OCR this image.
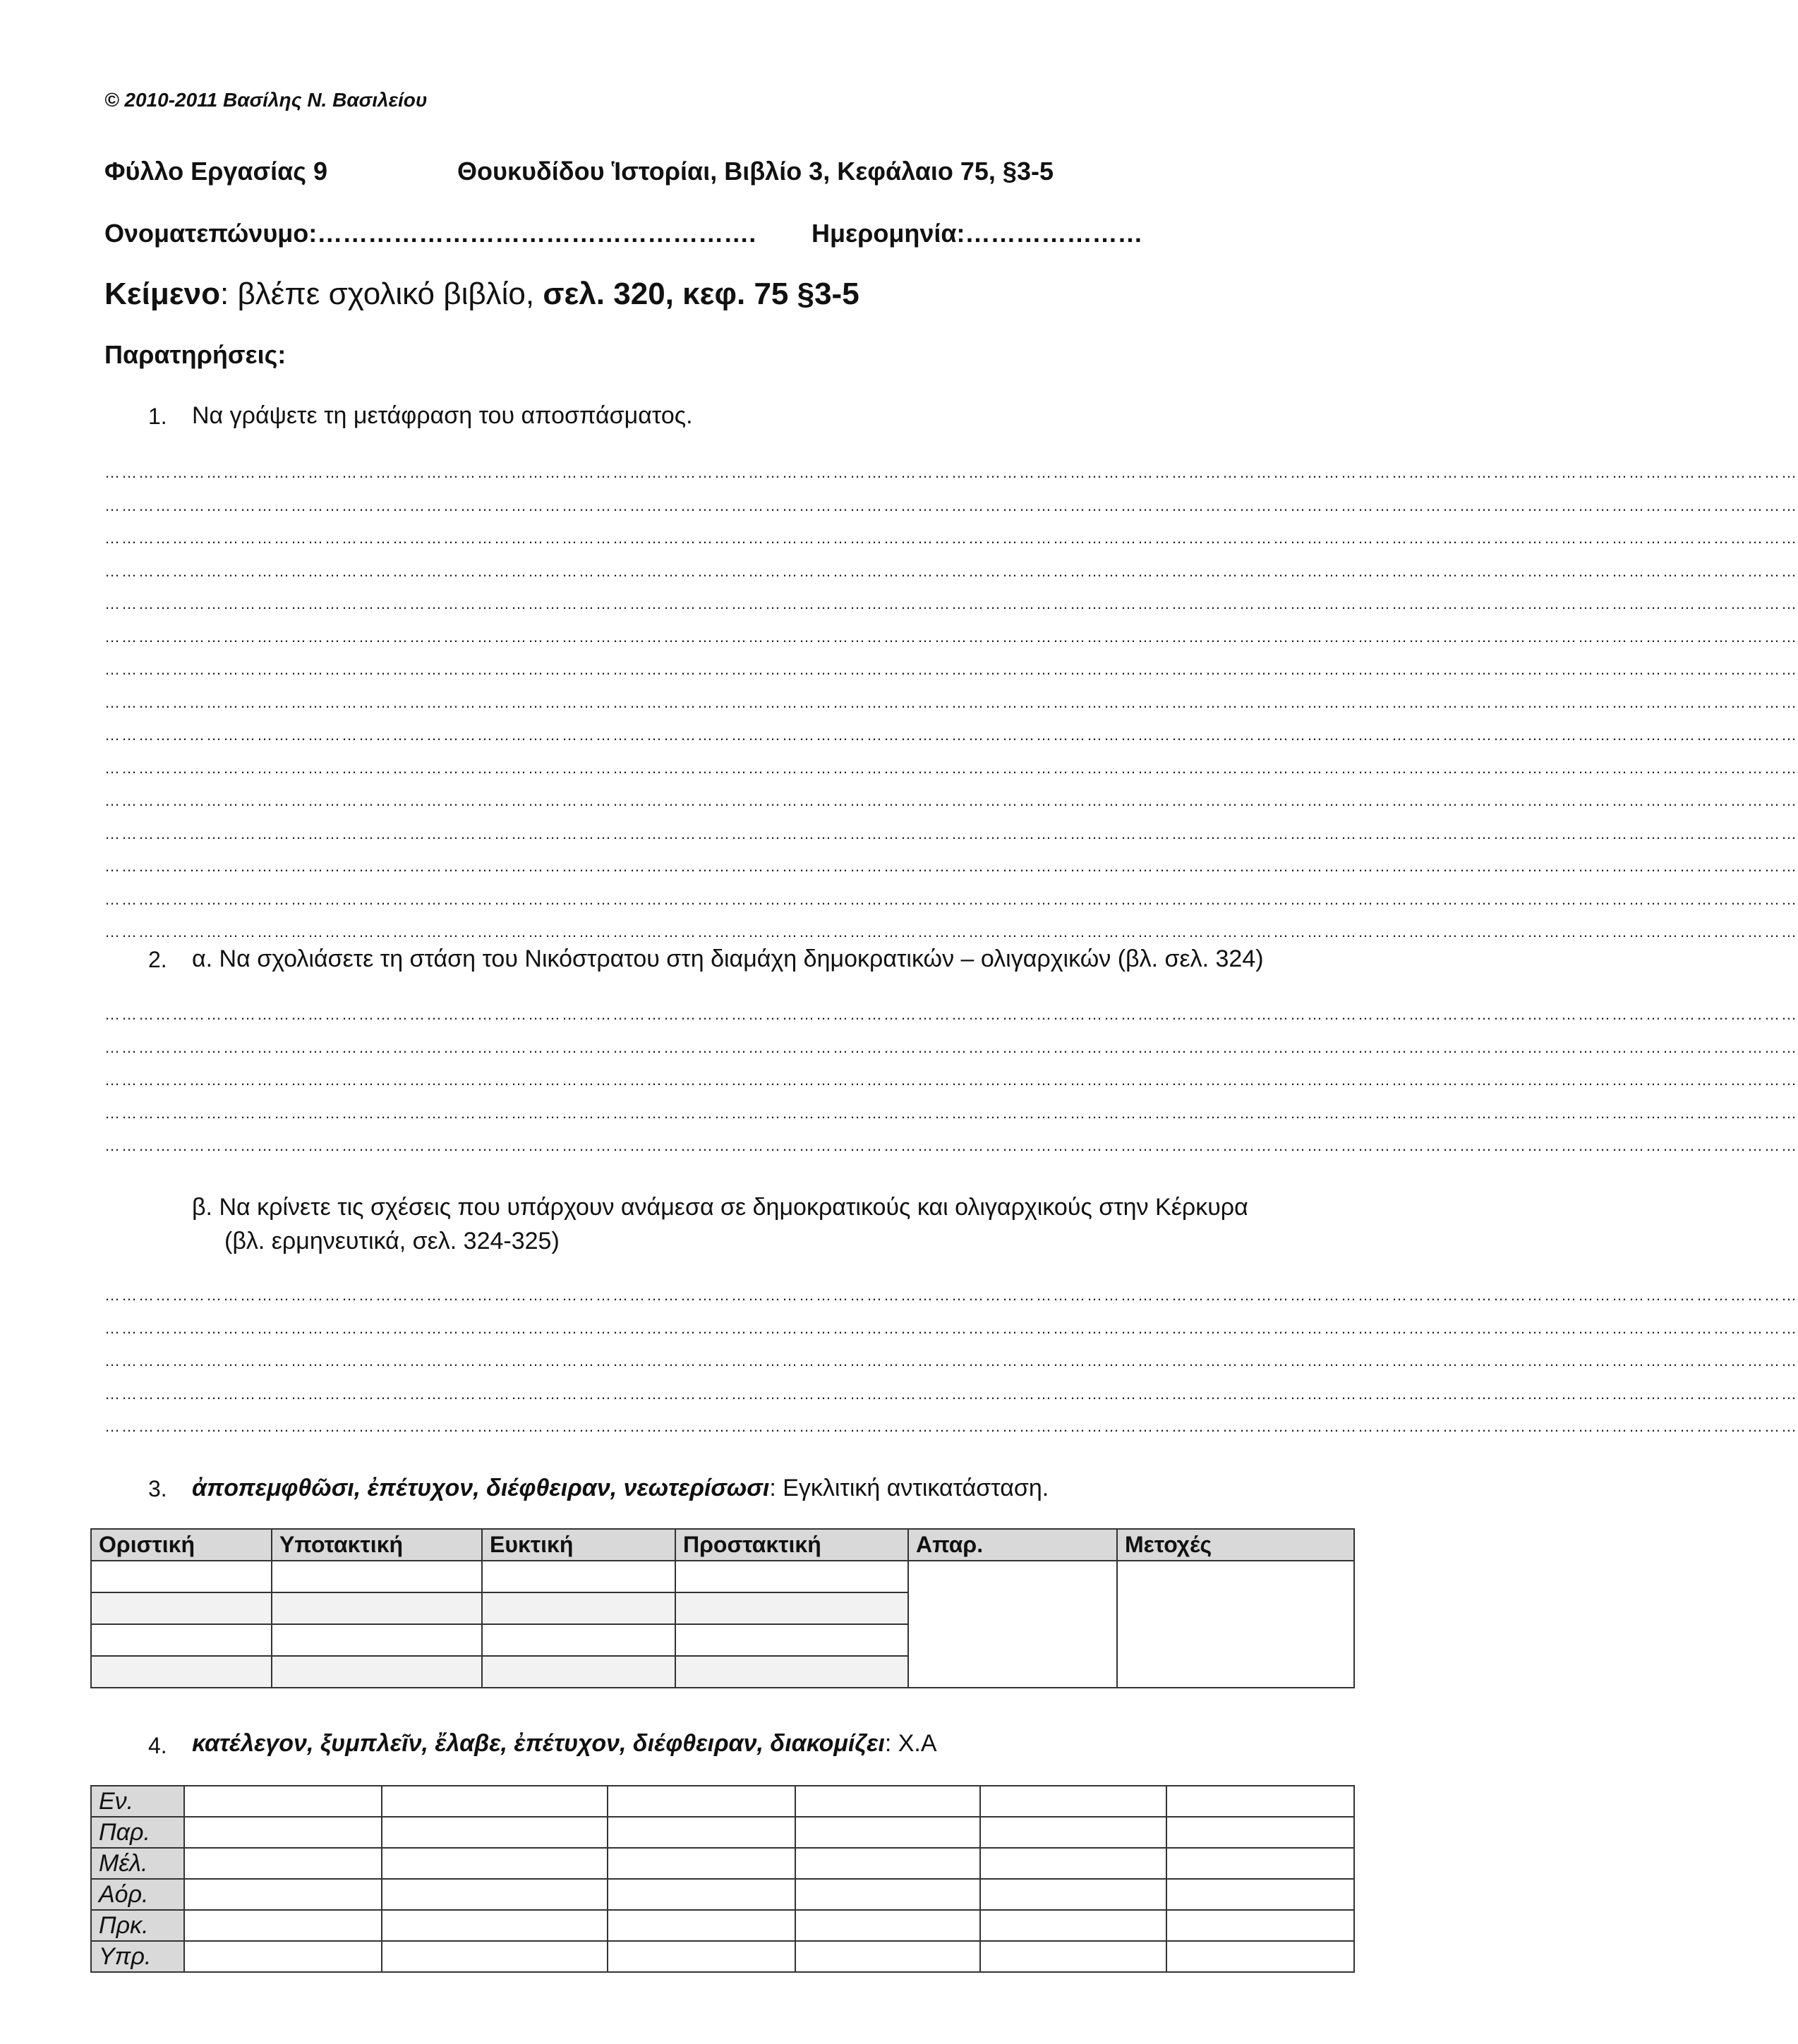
© 2010-2011 Βασίλης Ν. Βασιλείου
Φύλλο Εργασίας 9	Θουκυδίδου Ἱστορίαι, Βιβλίο 3, Κεφάλαιο 75, §3-5
Ονοματεπώνυμο:……………………………………………. Ημερομηνία:…………………
Κείμενο: βλέπε σχολικό βιβλίο, σελ. 320, κεφ. 75 §3-5
Παρατηρήσεις:
1. Να γράψετε τη μετάφραση του αποσπάσματος.
…………………………………………………………………………………………………………………………………………………………………………………………………………………………………………………………………………
…………………………………………………………………………………………………………………………………………………………………………………………………………………………………………………………………………
…………………………………………………………………………………………………………………………………………………………………………………………………………………………………………………………………………
…………………………………………………………………………………………………………………………………………………………………………………………………………………………………………………………………………
…………………………………………………………………………………………………………………………………………………………………………………………………………………………………………………………………………
…………………………………………………………………………………………………………………………………………………………………………………………………………………………………………………………………………
…………………………………………………………………………………………………………………………………………………………………………………………………………………………………………………………………………
…………………………………………………………………………………………………………………………………………………………………………………………………………………………………………………………………………
…………………………………………………………………………………………………………………………………………………………………………………………………………………………………………………………………………
…………………………………………………………………………………………………………………………………………………………………………………………………………………………………………………………………………
…………………………………………………………………………………………………………………………………………………………………………………………………………………………………………………………………………
…………………………………………………………………………………………………………………………………………………………………………………………………………………………………………………………………………
…………………………………………………………………………………………………………………………………………………………………………………………………………………………………………………………………………
…………………………………………………………………………………………………………………………………………………………………………………………………………………………………………………………………………
…………………………………………………………………………………………………………………………………………………………………………………………………………………………………………………………………………
2. α. Να σχολιάσετε τη στάση του Νικόστρατου στη διαμάχη δημοκρατικών – ολιγαρχικών (βλ. σελ. 324)
…………………………………………………………………………………………………………………………………………………………………………………………………………………………………………………………………………
…………………………………………………………………………………………………………………………………………………………………………………………………………………………………………………………………………
…………………………………………………………………………………………………………………………………………………………………………………………………………………………………………………………………………
…………………………………………………………………………………………………………………………………………………………………………………………………………………………………………………………………………
…………………………………………………………………………………………………………………………………………………………………………………………………………………………………………………………………………
β. Να κρίνετε τις σχέσεις που υπάρχουν ανάμεσα σε δημοκρατικούς και ολιγαρχικούς στην Κέρκυρα
(βλ. ερμηνευτικά, σελ. 324-325)
…………………………………………………………………………………………………………………………………………………………………………………………………………………………………………………………………………
…………………………………………………………………………………………………………………………………………………………………………………………………………………………………………………………………………
…………………………………………………………………………………………………………………………………………………………………………………………………………………………………………………………………………
…………………………………………………………………………………………………………………………………………………………………………………………………………………………………………………………………………
…………………………………………………………………………………………………………………………………………………………………………………………………………………………………………………………………………
3. ἀποπεμφθῶσι, ἐπέτυχον, διέφθειραν, νεωτερίσωσι: Εγκλιτική αντικατάσταση.
Οριστική	Υποτακτική	Ευκτική	Προστακτική	Απαρ.	Μετοχές

4. κατέλεγον, ξυμπλεῖν, ἔλαβε, ἐπέτυχον, διέφθειραν, διακομίζει: Χ.Α
Εν.						
Παρ.						
Μέλ.						
Αόρ.						
Πρκ.						
Υπρ.						
